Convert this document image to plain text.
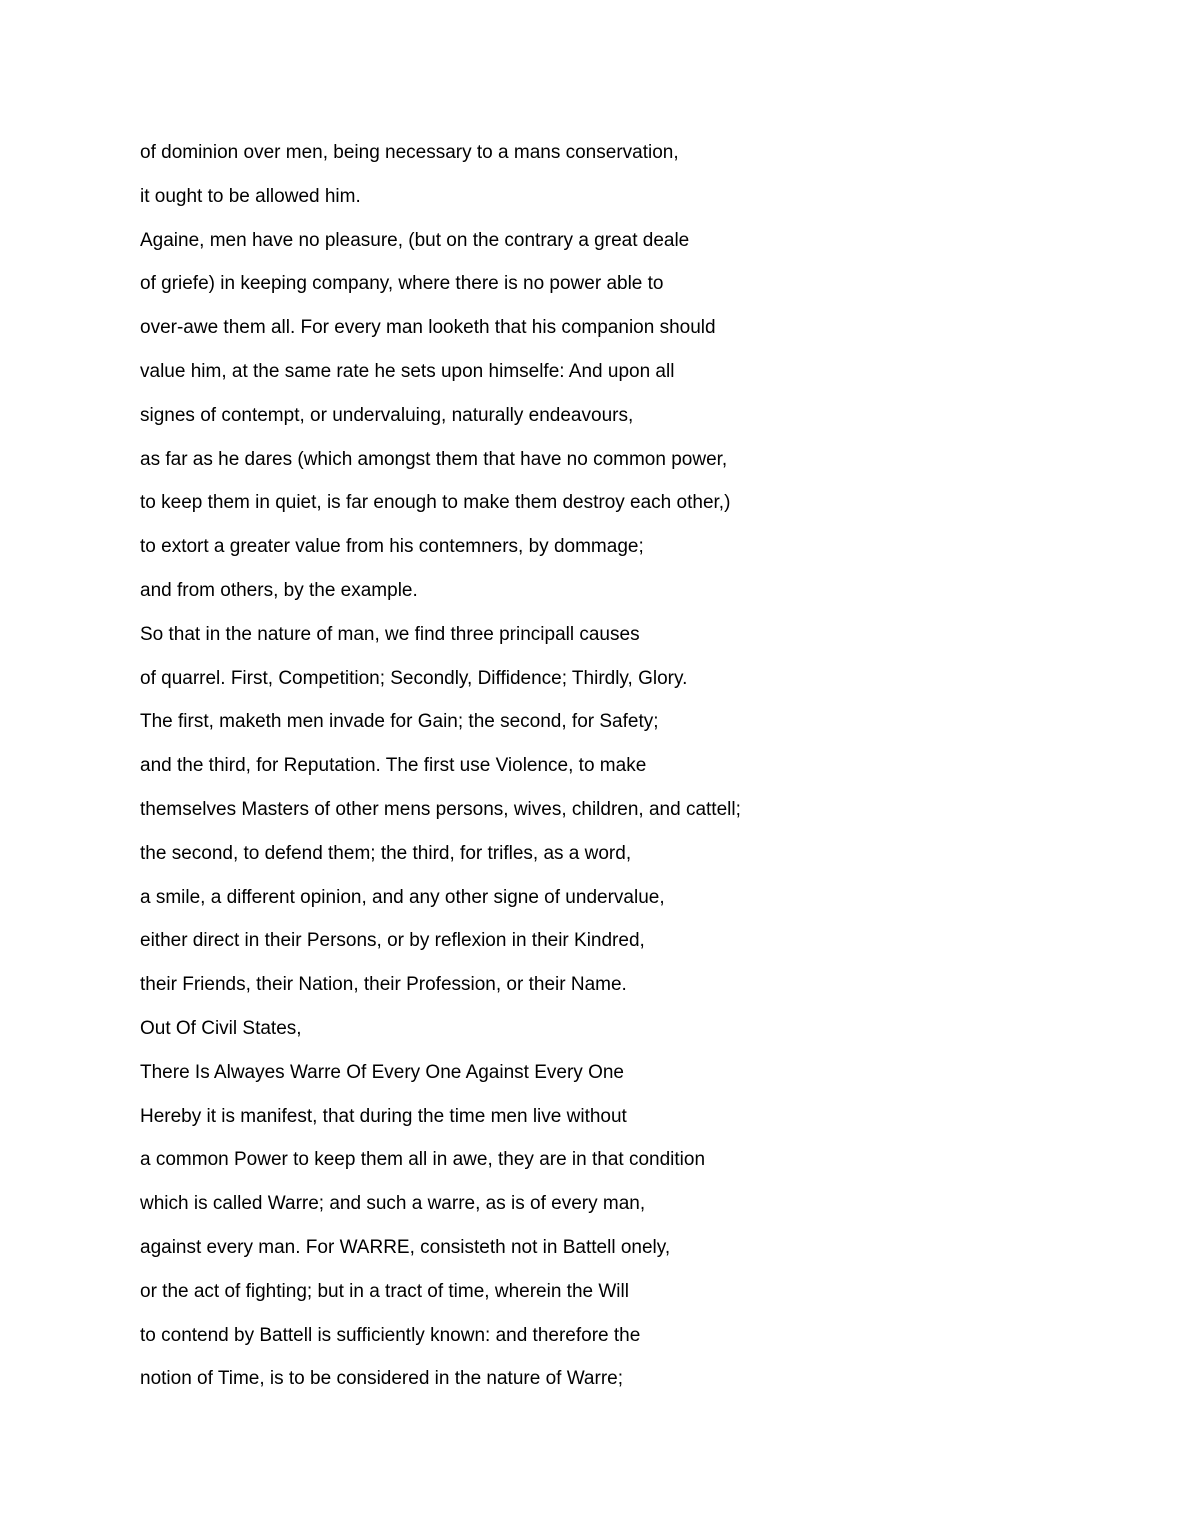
of dominion over men, being necessary to a mans conservation,
it ought to be allowed him.
Againe, men have no pleasure, (but on the contrary a great deale
of griefe) in keeping company, where there is no power able to
over-awe them all. For every man looketh that his companion should
value him, at the same rate he sets upon himselfe: And upon all
signes of contempt, or undervaluing, naturally endeavours,
as far as he dares (which amongst them that have no common power,
to keep them in quiet, is far enough to make them destroy each other,)
to extort a greater value from his contemners, by dommage;
and from others, by the example.
So that in the nature of man, we find three principall causes
of quarrel. First, Competition; Secondly, Diffidence; Thirdly, Glory.
The first, maketh men invade for Gain; the second, for Safety;
and the third, for Reputation. The first use Violence, to make
themselves Masters of other mens persons, wives, children, and cattell;
the second, to defend them; the third, for trifles, as a word,
a smile, a different opinion, and any other signe of undervalue,
either direct in their Persons, or by reflexion in their Kindred,
their Friends, their Nation, their Profession, or their Name.
Out Of Civil States,
There Is Alwayes Warre Of Every One Against Every One
Hereby it is manifest, that during the time men live without
a common Power to keep them all in awe, they are in that condition
which is called Warre; and such a warre, as is of every man,
against every man. For WARRE, consisteth not in Battell onely,
or the act of fighting; but in a tract of time, wherein the Will
to contend by Battell is sufficiently known: and therefore the
notion of Time, is to be considered in the nature of Warre;
